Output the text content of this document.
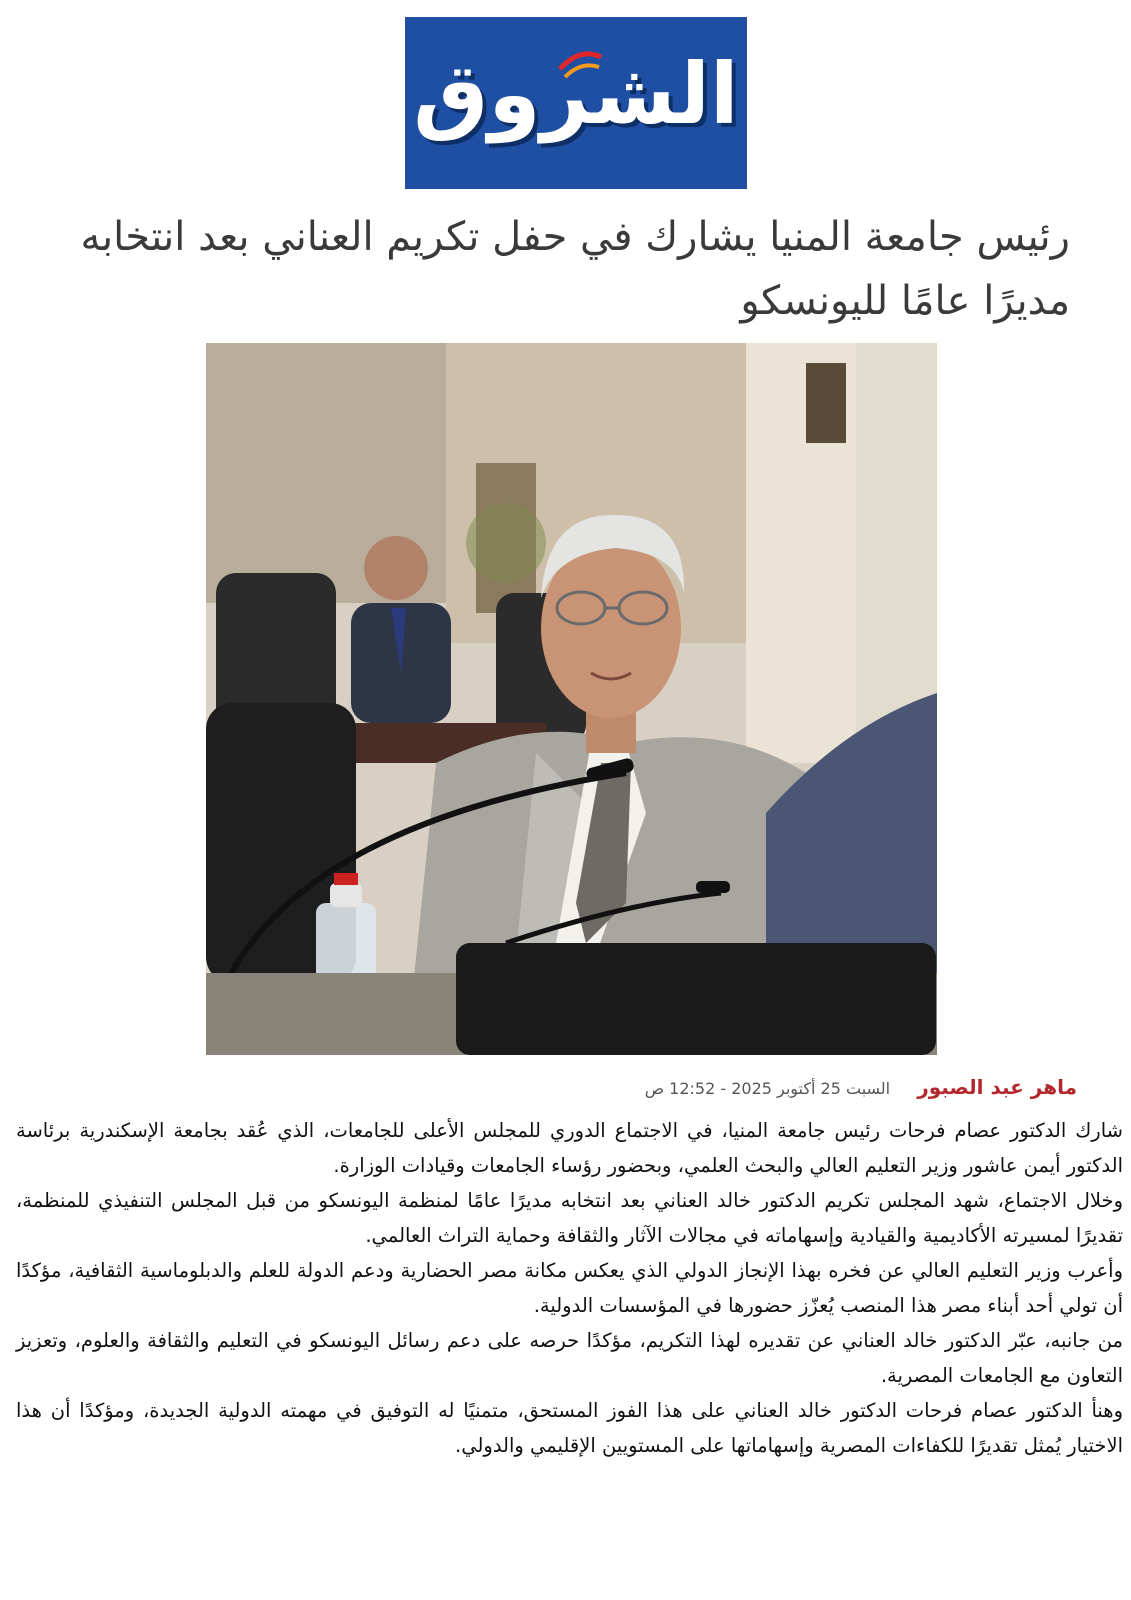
الشروق
رئيس جامعة المنيا يشارك في حفل تكريم العناني بعد انتخابه مديرًا عامًا لليونسكو
ماهر عبد الصبور السبت 25 أكتوبر 2025 - 12:52 ص

شارك الدكتور عصام فرحات رئيس جامعة المنيا، في الاجتماع الدوري للمجلس الأعلى للجامعات، الذي عُقد بجامعة الإسكندرية برئاسة الدكتور أيمن عاشور وزير التعليم العالي والبحث العلمي، وبحضور رؤساء الجامعات وقيادات الوزارة.

وخلال الاجتماع، شهد المجلس تكريم الدكتور خالد العناني بعد انتخابه مديرًا عامًا لمنظمة اليونسكو من قبل المجلس التنفيذي للمنظمة، تقديرًا لمسيرته الأكاديمية والقيادية وإسهاماته في مجالات الآثار والثقافة وحماية التراث العالمي.

وأعرب وزير التعليم العالي عن فخره بهذا الإنجاز الدولي الذي يعكس مكانة مصر الحضارية ودعم الدولة للعلم والدبلوماسية الثقافية، مؤكدًا أن تولي أحد أبناء مصر هذا المنصب يُعزّز حضورها في المؤسسات الدولية.

من جانبه، عبّر الدكتور خالد العناني عن تقديره لهذا التكريم، مؤكدًا حرصه على دعم رسائل اليونسكو في التعليم والثقافة والعلوم، وتعزيز التعاون مع الجامعات المصرية.

وهنأ الدكتور عصام فرحات الدكتور خالد العناني على هذا الفوز المستحق، متمنيًا له التوفيق في مهمته الدولية الجديدة، ومؤكدًا أن هذا الاختيار يُمثل تقديرًا للكفاءات المصرية وإسهاماتها على المستويين الإقليمي والدولي.
